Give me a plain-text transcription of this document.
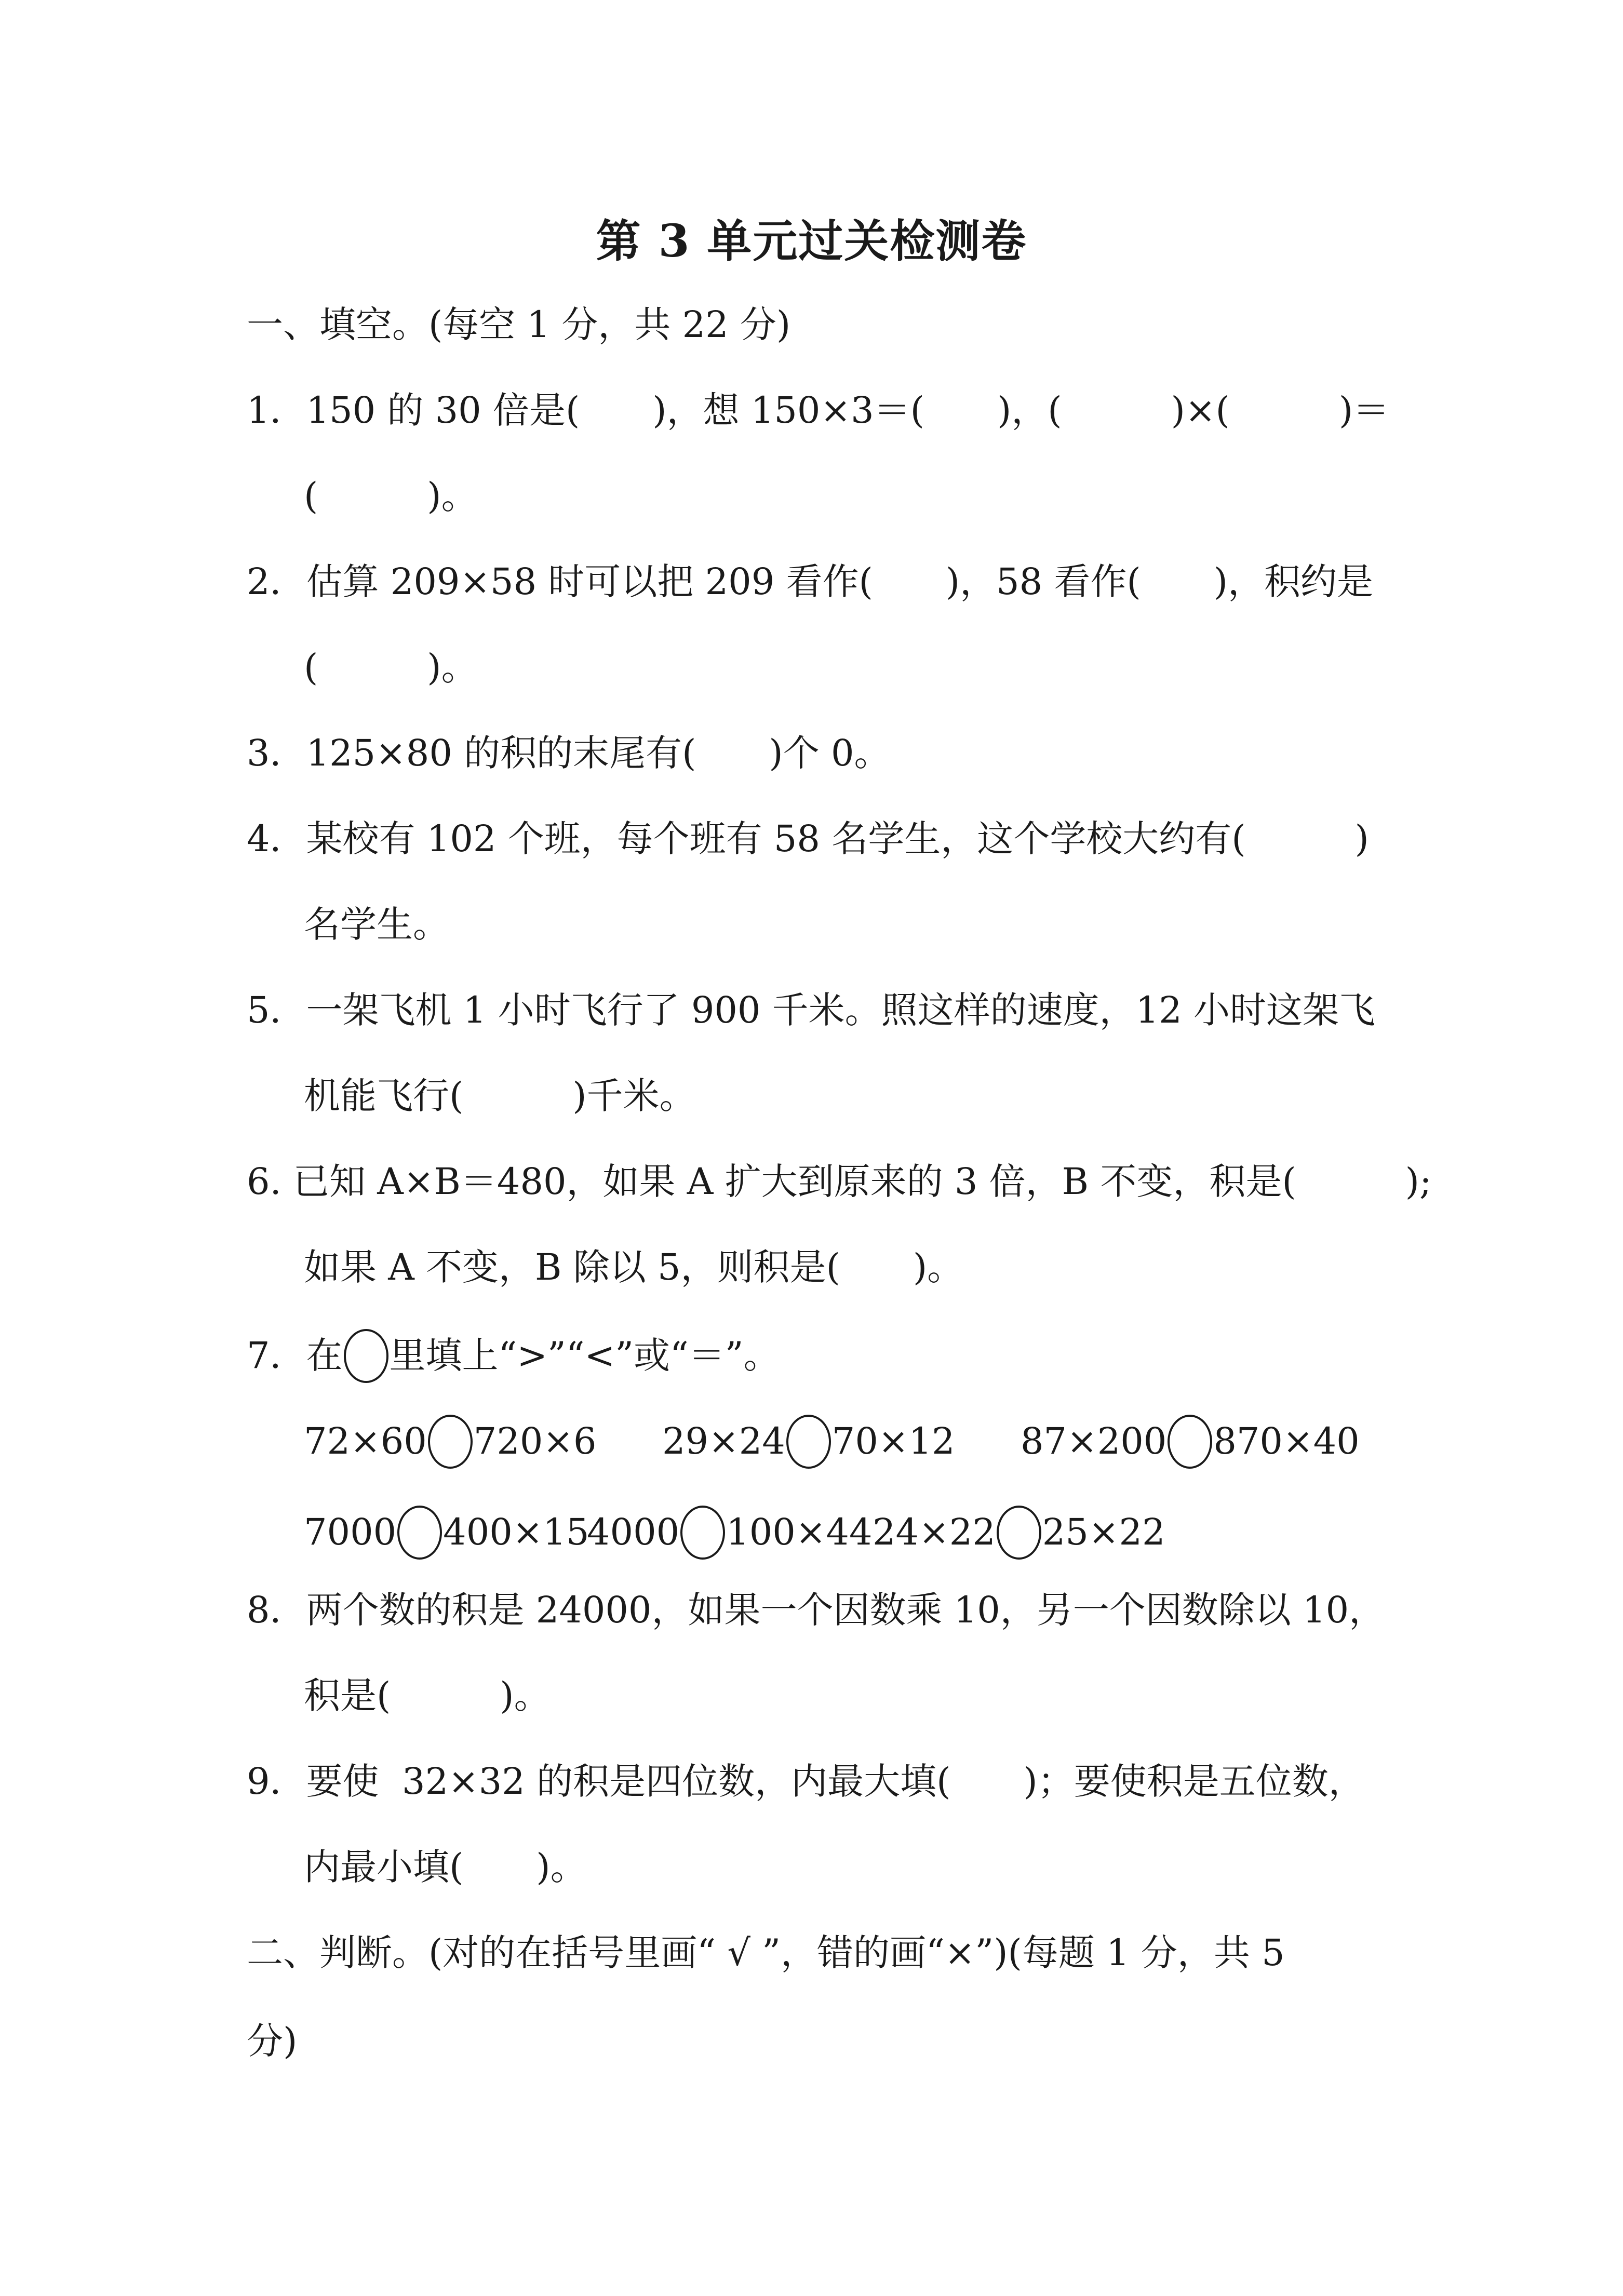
第 3 单元过关检测卷
一、填空。(每空 1 分，共 22 分)
1．150 的 30 倍是(　　)，想 150×3＝(　　)，(　　　)×(　　　)＝
(　　　)。
2．估算 209×58 时可以把 209 看作(　　)，58 看作(　　)，积约是
(　　　)。
3．125×80 的积的末尾有(　　)个 0。
4．某校有 102 个班，每个班有 58 名学生，这个学校大约有(　　　)
名学生。
5．一架飞机 1 小时飞行了 900 千米。照这样的速度，12 小时这架飞
机能飞行(　　　)千米。
6. 已知 A×B＝480，如果 A 扩大到原来的 3 倍，B 不变，积是(　　　);
如果 A 不变，B 除以 5，则积是(　　)。
7．在 里填上“>”“<”或“＝”。
72×60 720×6 29×24 70×12 87×200 870×40
7000 400×15
4000 100×44 24×22 25×22
8．两个数的积是 24000，如果一个因数乘 10，另一个因数除以 10，
积是(　　　)。
9．要使  32×32 的积是四位数，内最大填(　　)；要使积是五位数，
内最小填(　　)。
二、判断。(对的在括号里画“ √ ”，错的画“×”)(每题 1 分，共 5
分)
